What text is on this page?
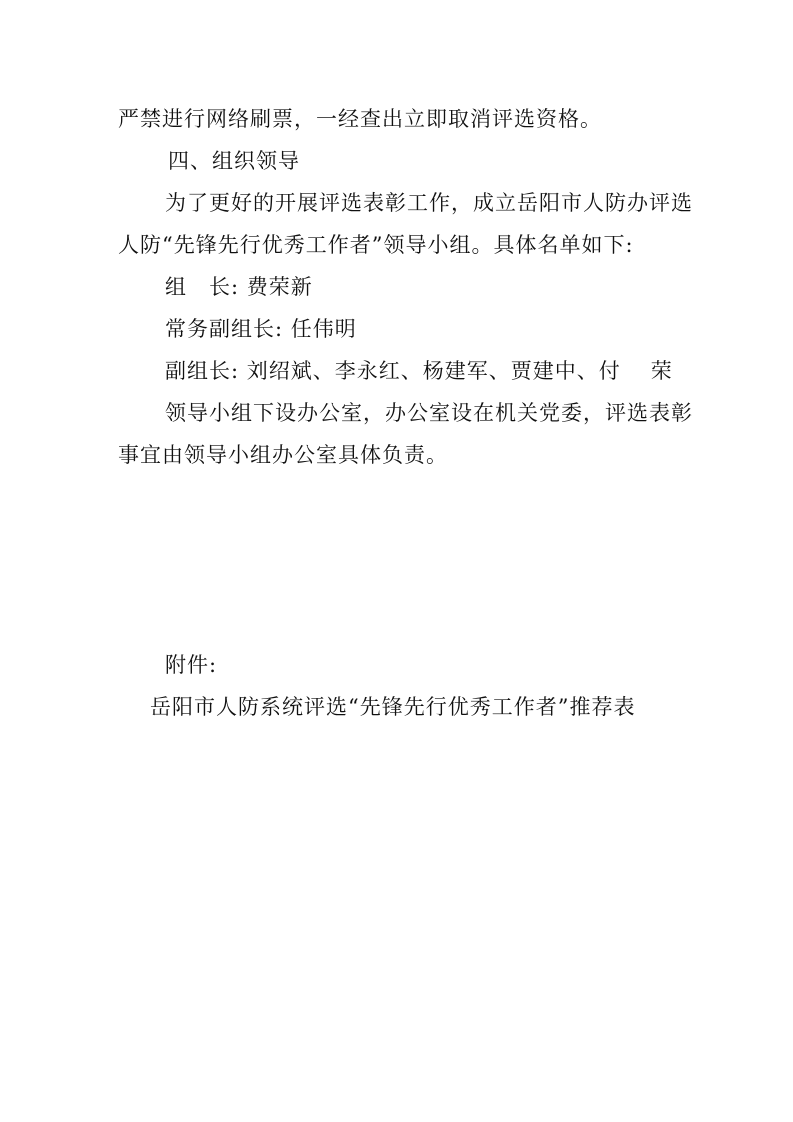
严禁进行网络刷票，一经查出立即取消评选资格。
四、组织领导
为了更好的开展评选表彰工作，成立岳阳市人防办评选
人防“先锋先行优秀工作者”领导小组。具体名单如下:
组 长: 费荣新
常务副组长: 任伟明
副组长: 刘绍斌、李永红、杨建军、贾建中、付 荣
领导小组下设办公室，办公室设在机关党委，评选表彰
事宜由领导小组办公室具体负责。
附件:
岳阳市人防系统评选“先锋先行优秀工作者”推荐表
